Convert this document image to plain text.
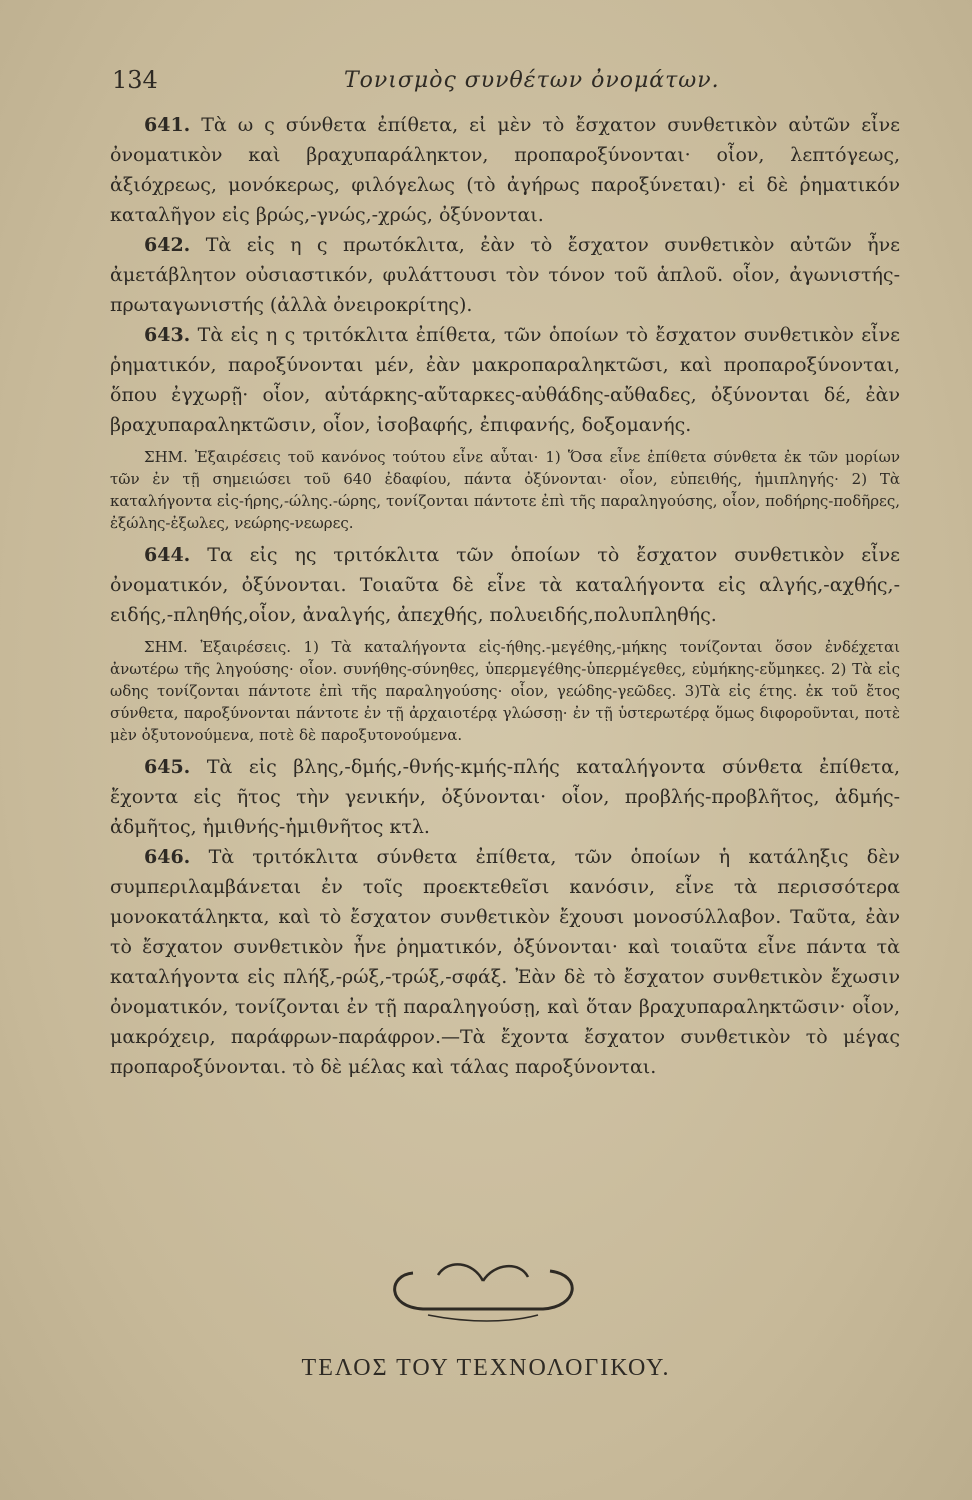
134	Τονισμὸς συνθέτων ὀνομάτων.

641. Τὰ ω ς σύνθετα ἐπίθετα, εἰ μὲν τὸ ἔσχατον συνθετικὸν αὐτῶν εἶνε ὀνοματικὸν καὶ βραχυπαράληκτον, προπαροξύνονται· οἷον, λεπτόγεως, ἀξιόχρεως, μονόκερως, φιλόγελως (τὸ ἀγήρως παροξύνεται)· εἰ δὲ ῥηματικόν καταλῆγον εἰς βρώς,-γνώς,-χρώς, ὀξύνονται.

642. Τὰ εἰς η ς πρωτόκλιτα, ἐὰν τὸ ἔσχατον συνθετικὸν αὐτῶν ἦνε ἀμετάβλητον οὐσιαστικόν, φυλάττουσι τὸν τόνον τοῦ ἁπλοῦ. οἷον, ἀγωνιστής-πρωταγωνιστής (ἀλλὰ ὀνειροκρίτης).

643. Τὰ εἰς η ς τριτόκλιτα ἐπίθετα, τῶν ὁποίων τὸ ἔσχατον συνθετικὸν εἶνε ῥηματικόν, παροξύνονται μέν, ἐὰν μακροπαραληκτῶσι, καὶ προπαροξύνονται, ὅπου ἐγχωρῇ· οἷον, αὐτάρκης-αὔταρκες-αὐθάδης-αὔθαδες, ὀξύνονται δέ, ἐὰν βραχυπαραληκτῶσιν, οἷον, ἰσοβαφής, ἐπιφανής, δοξομανής.

ΣΗΜ. Ἐξαιρέσεις τοῦ κανόνος τούτου εἶνε αὗται· 1) Ὅσα εἶνε ἐπίθετα σύνθετα ἐκ τῶν μορίων τῶν ἐν τῇ σημειώσει τοῦ 640 ἐδαφίου, πάντα ὀξύνονται· οἷον, εὐπειθής, ἡμιπληγής· 2) Τὰ καταλήγοντα εἰς-ήρης,-ώλης.-ώρης, τονίζονται πάντοτε ἐπὶ τῆς παραληγούσης, οἷον, ποδήρης-ποδῆρες, ἐξώλης-ἐξωλες, νεώρης-νεωρες.

644. Τα εἰς ης τριτόκλιτα τῶν ὁποίων τὸ ἔσχατον συνθετικὸν εἶνε ὀνοματικόν, ὀξύνονται. Τοιαῦτα δὲ εἶνε τὰ καταλήγοντα εἰς αλγής,-αχθής,-ειδής,-πληθής,οἷον, ἀναλγής, ἀπεχθής, πολυειδής,πολυπληθής.

ΣΗΜ. Ἐξαιρέσεις. 1) Τὰ καταλήγοντα εἰς-ήθης.-μεγέθης,-μήκης τονίζονται ὅσον ἐνδέχεται ἀνωτέρω τῆς ληγούσης· οἷον. συνήθης-σύνηθες, ὑπερμεγέθης-ὑπερμέγεθες, εὐμήκης-εὔμηκες. 2) Τὰ εἰς ωδης τονίζονται πάντοτε ἐπὶ τῆς παραληγούσης· οἷον, γεώδης-γεῶδες. 3)Τὰ εἰς έτης. ἐκ τοῦ ἔτος σύνθετα, παροξύνονται πάντοτε ἐν τῇ ἀρχαιοτέρᾳ γλώσσῃ· ἐν τῇ ὑστερωτέρᾳ ὅμως διφοροῦνται, ποτὲ μὲν ὀξυτονούμενα, ποτὲ δὲ παροξυτονούμενα.

645. Τὰ εἰς βλης,-δμής,-θνής-κμής-πλής καταλήγοντα σύνθετα ἐπίθετα, ἔχοντα εἰς ῆτος τὴν γενικήν, ὀξύνονται· οἷον, προβλής-προβλῆτος, ἀδμής-ἀδμῆτος, ἡμιθνής-ἡμιθνῆτος κτλ.

646. Τὰ τριτόκλιτα σύνθετα ἐπίθετα, τῶν ὁποίων ἡ κατάληξις δὲν συμπεριλαμβάνεται ἐν τοῖς προεκτεθεῖσι κανόσιν, εἶνε τὰ περισσότερα μονοκατάληκτα, καὶ τὸ ἔσχατον συνθετικὸν ἔχουσι μονοσύλλαβον. Ταῦτα, ἐὰν τὸ ἔσχατον συνθετικὸν ἦνε ῥηματικόν, ὀξύνονται· καὶ τοιαῦτα εἶνε πάντα τὰ καταλήγοντα εἰς πλήξ,-ρώξ,-τρώξ,-σφάξ. Ἐὰν δὲ τὸ ἔσχατον συνθετικὸν ἔχωσιν ὀνοματικόν, τονίζονται ἐν τῇ παραληγούσῃ, καὶ ὅταν βραχυπαραληκτῶσιν· οἷον, μακρόχειρ, παράφρων-παράφρον.—Τὰ ἔχοντα ἔσχατον συνθετικὸν τὸ μέγας προπαροξύνονται. τὸ δὲ μέλας καὶ τάλας παροξύνονται.

ΤΕΛΟΣ ΤΟΥ ΤΕΧΝΟΛΟΓΙΚΟΥ.
